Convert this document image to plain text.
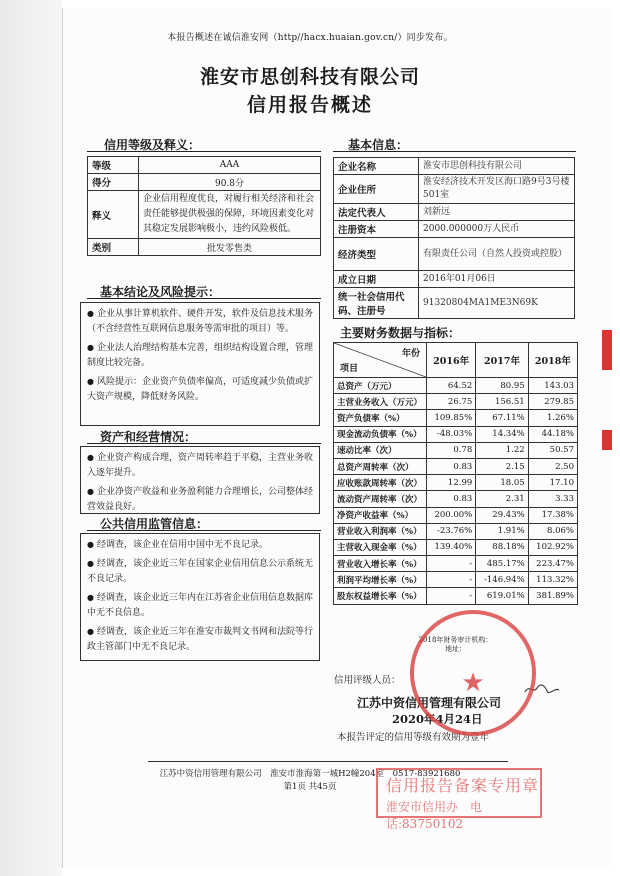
本报告概述在诚信淮安网（http//hacx.huaian.gov.cn/）同步发布。
淮安市思创科技有限公司
信用报告概述
信用等级及释义：
等级	AAA
得分	90.8分
释义	企业信用程度优良，对履行相关经济和社会责任能够提供极强的保障，环境因素变化对其稳定发展影响极小，违约风险极低。
类别	批发零售类
基本信息：
企业名称	淮安市思创科技有限公司
企业住所	淮安经济技术开发区海口路9号3号楼501室
法定代表人	刘新远
注册资本	2000.000000万人民币
经济类型	有限责任公司（自然人投资或控股）
成立日期	2016年01月06日
统一社会信用代码、注册号	91320804MA1ME3N69K
基本结论及风险提示：

● 企业从事计算机软件、硬件开发，软件及信息技术服务（不含经营性互联网信息服务等需审批的项目）等。

● 企业法人治理结构基本完善，组织结构设置合理，管理制度比较完备。

● 风险提示：企业资产负债率偏高，可适度减少负债或扩大资产规模，降低财务风险。

资产和经营情况：

● 企业资产构成合理，资产周转率趋于平稳，主营业务收入逐年提升。

● 企业净资产收益和业务盈利能力合理增长，公司整体经营效益良好。

公共信用监管信息：

● 经调查，该企业在信用中国中无不良记录。

● 经调查，该企业近三年在国家企业信用信息公示系统无不良记录。

● 经调查，该企业近三年内在江苏省企业信用信息数据库中无不良信息。

● 经调查，该企业近三年在淮安市裁判文书网和法院等行政主管部门中无不良记录。

主要财务数据与指标：
年份
项目	2016年	2017年	2018年
总资产（万元）	64.52	80.95	143.03
主营业务收入（万元）	26.75	156.51	279.85
资产负债率（%）	109.85%	67.11%	1.26%
现金流动负债率（%）	-48.03%	14.34%	44.18%
速动比率（次）	0.78	1.22	50.57
总资产周转率（次）	0.83	2.15	2.50
应收账款周转率（次）	12.99	18.05	17.10
流动资产周转率（次）	0.83	2.31	3.33
净资产收益率（%）	200.00%	29.43%	17.38%
营业收入利润率（%）	-23.76%	1.91%	8.06%
主营收入现金率（%）	139.40%	88.18%	102.92%
营业收入增长率（%）	-	485.17%	223.47%
利润平均增长率（%）	-	-146.94%	113.32%
股东权益增长率（%）	-	619.01%	381.89%
2018年财务审计机构：
地址：
信用评级人员：
江苏中资信用管理有限公司
2020年4月24日
本报告评定的信用等级有效期为壹年
★
江苏中资信用管理有限公司　淮安市淮海第一城H2幢204室　0517-83921680
第1页 共45页	信用报告备案专用章
淮安市信用办　电话:83750102
